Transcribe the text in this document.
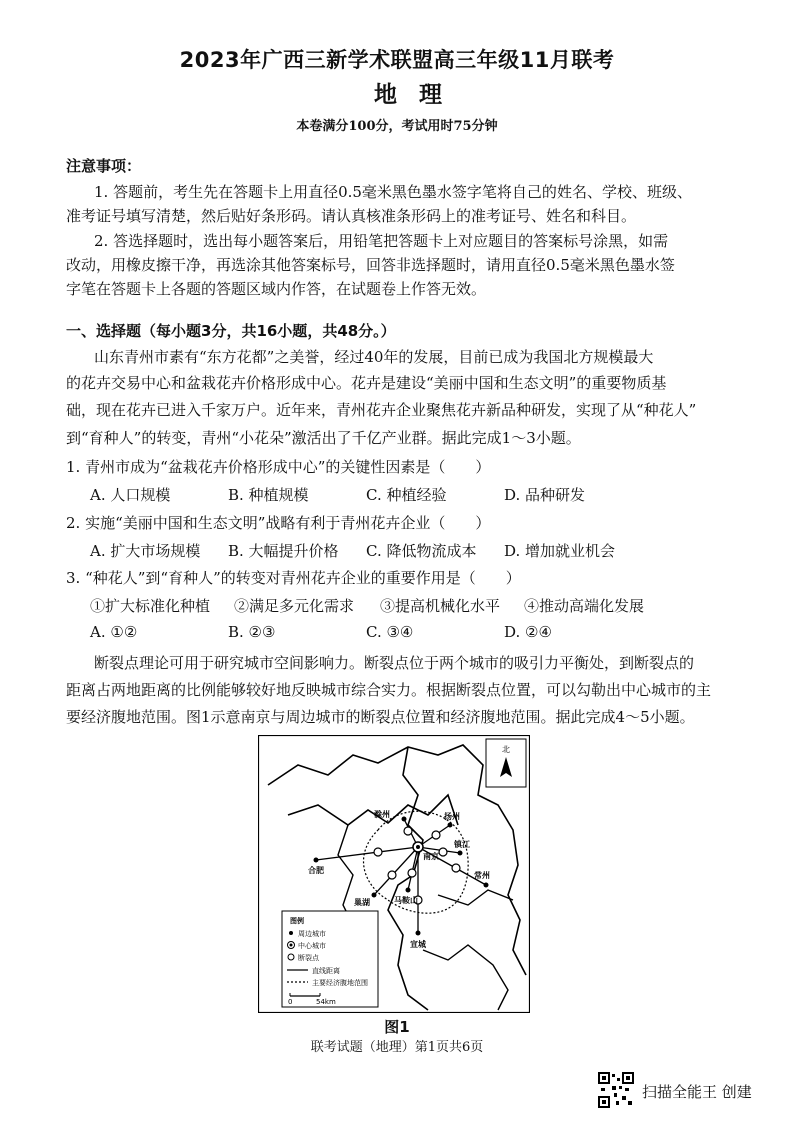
2023年广西三新学术联盟高三年级11月联考
地理
本卷满分100分，考试用时75分钟
注意事项：
1. 答题前，考生先在答题卡上用直径0.5毫米黑色墨水签字笔将自己的姓名、学校、班级、
准考证号填写清楚，然后贴好条形码。请认真核准条形码上的准考证号、姓名和科目。
2. 答选择题时，选出每小题答案后，用铅笔把答题卡上对应题目的答案标号涂黑，如需
改动，用橡皮擦干净，再选涂其他答案标号，回答非选择题时，请用直径0.5毫米黑色墨水签
字笔在答题卡上各题的答题区域内作答，在试题卷上作答无效。
一、选择题（每小题3分，共16小题，共48分。）
山东青州市素有“东方花都”之美誉，经过40年的发展，目前已成为我国北方规模最大
的花卉交易中心和盆栽花卉价格形成中心。花卉是建设“美丽中国和生态文明”的重要物质基
础，现在花卉已进入千家万户。近年来，青州花卉企业聚焦花卉新品种研发，实现了从“种花人”
到“育种人”的转变，青州“小花朵”激活出了千亿产业群。据此完成1～3小题。
1. 青州市成为“盆栽花卉价格形成中心”的关键性因素是（　　）
A. 人口规模	B. 种植规模	C. 种植经验	D. 品种研发
2. 实施“美丽中国和生态文明”战略有利于青州花卉企业（　　）
A. 扩大市场规模 B. 大幅提升价格 C. 降低物流成本 D. 增加就业机会
3. “种花人”到“育种人”的转变对青州花卉企业的重要作用是（　　）
①扩大标准化种植 ②满足多元化需求 ③提高机械化水平 ④推动高端化发展
A. ①②	B. ②③	C. ③④	D. ②④
断裂点理论可用于研究城市空间影响力。断裂点位于两个城市的吸引力平衡处，到断裂点的
距离占两地距离的比例能够较好地反映城市综合实力。根据断裂点位置，可以勾勒出中心城市的主
要经济腹地范围。图1示意南京与周边城市的断裂点位置和经济腹地范围。据此完成4～5小题。
北
滁州	扬州
镇江
南京
合肥
巢湖	马鞍山
常州
宣城
图例
周边城市
中心城市
断裂点
直线距离
主要经济腹地范围
0	54km
图1
联考试题（地理）第1页共6页
扫描全能王 创建
